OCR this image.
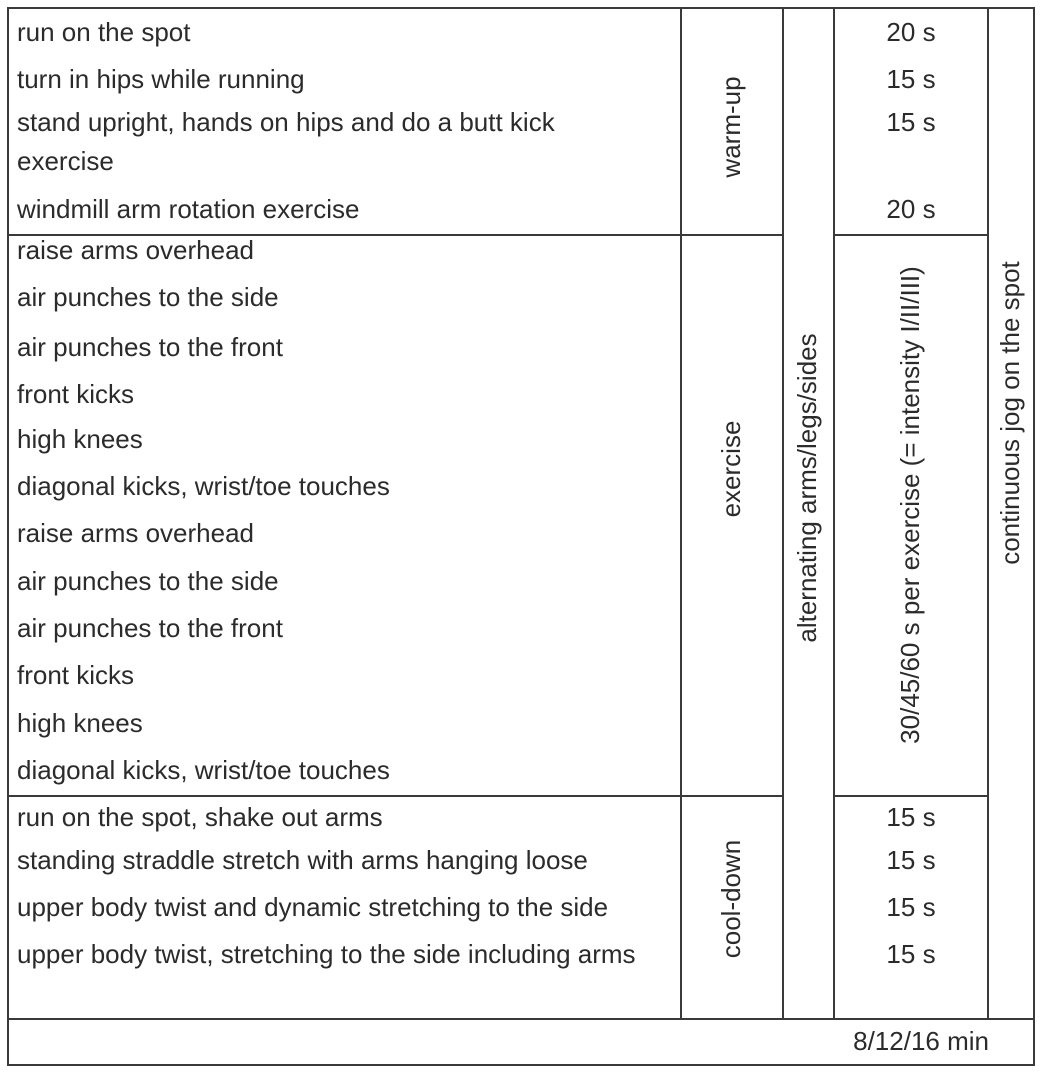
run on the spot
turn in hips while running
stand upright, hands on hips and do a butt kick exercise
windmill arm rotation exercise
raise arms overhead
air punches to the side
air punches to the front
front kicks
high knees
diagonal kicks, wrist/toe touches
raise arms overhead
air punches to the side
air punches to the front
front kicks
high knees
diagonal kicks, wrist/toe touches
run on the spot, shake out arms
standing straddle stretch with arms hanging loose
upper body twist and dynamic stretching to the side
upper body twist, stretching to the side including arms
warm-up
exercise
cool-down
alternating arms/legs/sides
20 s
15 s
15 s
20 s
30/45/60 s per exercise (= intensity I/II/III)
15 s
15 s
15 s
15 s
continuous jog on the spot
8/12/16 min
